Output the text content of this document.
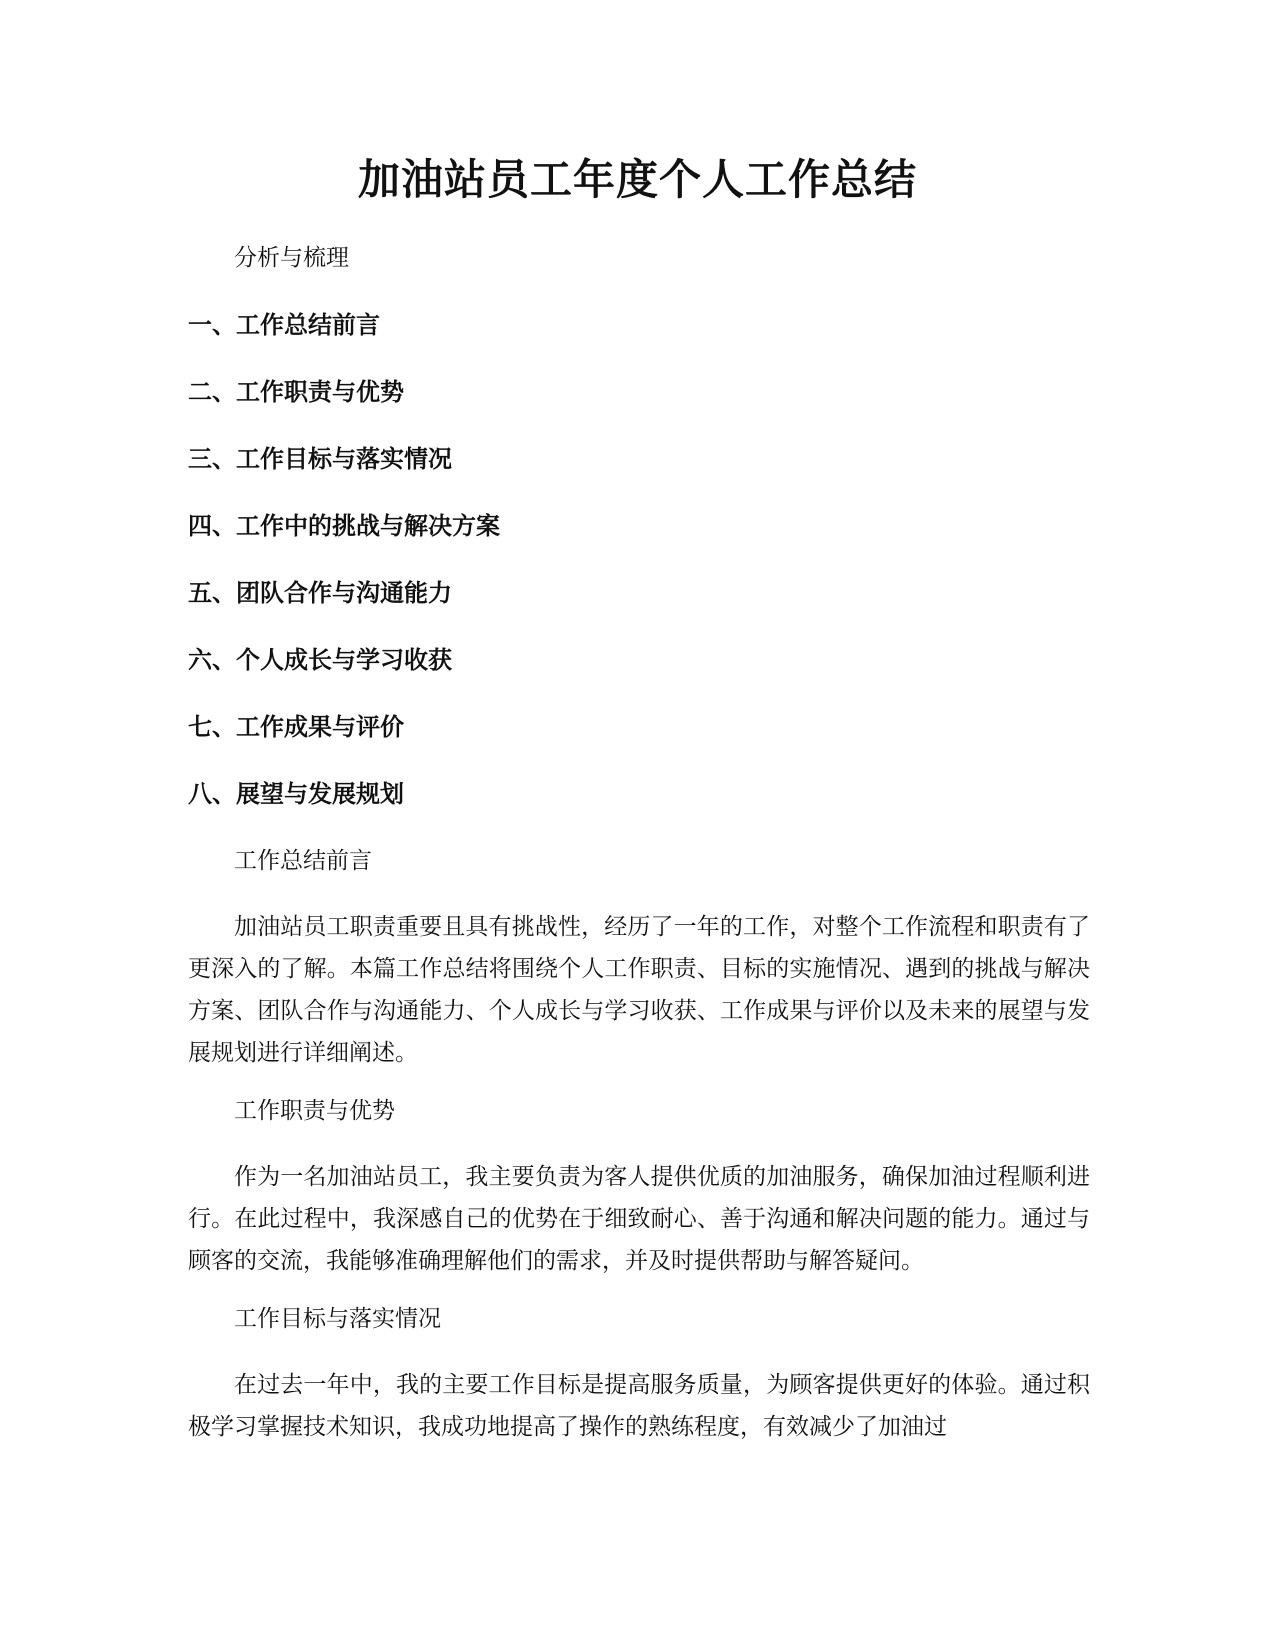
加油站员工年度个人工作总结

分析与梳理

一、工作总结前言
二、工作职责与优势
三、工作目标与落实情况
四、工作中的挑战与解决方案
五、团队合作与沟通能力
六、个人成长与学习收获
七、工作成果与评价
八、展望与发展规划

工作总结前言

加油站员工职责重要且具有挑战性，经历了一年的工作，对整个工作流程和职责有了更深入的了解。本篇工作总结将围绕个人工作职责、目标的实施情况、遇到的挑战与解决方案、团队合作与沟通能力、个人成长与学习收获、工作成果与评价以及未来的展望与发展规划进行详细阐述。

工作职责与优势

作为一名加油站员工，我主要负责为客人提供优质的加油服务，确保加油过程顺利进行。在此过程中，我深感自己的优势在于细致耐心、善于沟通和解决问题的能力。通过与顾客的交流，我能够准确理解他们的需求，并及时提供帮助与解答疑问。

工作目标与落实情况

在过去一年中，我的主要工作目标是提高服务质量，为顾客提供更好的体验。通过积极学习掌握技术知识，我成功地提高了操作的熟练程度，有效减少了加油过
